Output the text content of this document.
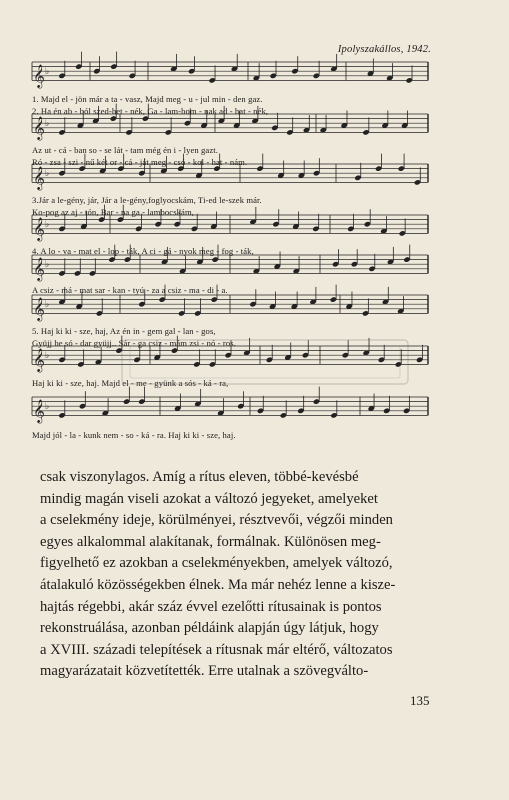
Ipolyszakállos, 1942.
𝄞 ♭
𝄞 ♭
𝄞 ♭
𝄞 ♭
𝄞 ♭
𝄞 ♭
𝄞 ♭
𝄞 ♭
1. Majd el - jön már a ta - vasz, Majd meg - u - jul min - den gaz.
2. Ha én ab - ból szed-het - nék, Ga - lam-bom - nak ad - hat - nék,
Az ut - cá - ban so - se lát - tam még én i - lyen gazt.
Ró - zsa - szi - nű két or - cá - ját meg - csó - kol - hat - nám.
3.Jár a le-gény, jár, Jár a le-gény,foglyocskám, Ti-ed le-szek már.
Ko-pog az aj - tón, Bar - na ga - lambocskám,
4. A lo - va - mat el - lop - ták, A ci - gá - nyok meg - fog - ták,
A csiz - má - mat sar - kan - tyú - za a csiz - ma - di - a.
5. Haj ki ki - sze, haj, Az én in - gem gal - lan - gos,
Gyüjj be só - dar gyüjj.. Sár - ga csiz - mám zsi - nó - ros.
Haj ki ki - sze, haj. Majd el - me - gyünk a sós - ká - ra,
Majd jól - la - kunk nem - so - ká - ra. Haj ki ki - sze, haj.

csak viszonylagos. Amíg a rítus eleven, többé-kevésbé

mindig magán viseli azokat a változó jegyeket, amelyeket

a cselekmény ideje, körülményei, résztvevői, végzői minden

egyes alkalommal alakítanak, formálnak. Különösen meg-

figyelhető ez azokban a cselekményekben, amelyek változó,

átalakuló közösségekben élnek. Ma már nehéz lenne a kisze-

hajtás régebbi, akár száz évvel ezelőtti rítusainak is pontos

rekonstruálása, azonban példáink alapján úgy látjuk, hogy

a XVIII. századi telepítések a rítusnak már eltérő, változatos

magyarázatait közvetítették. Erre utalnak a szövegválto-

135
